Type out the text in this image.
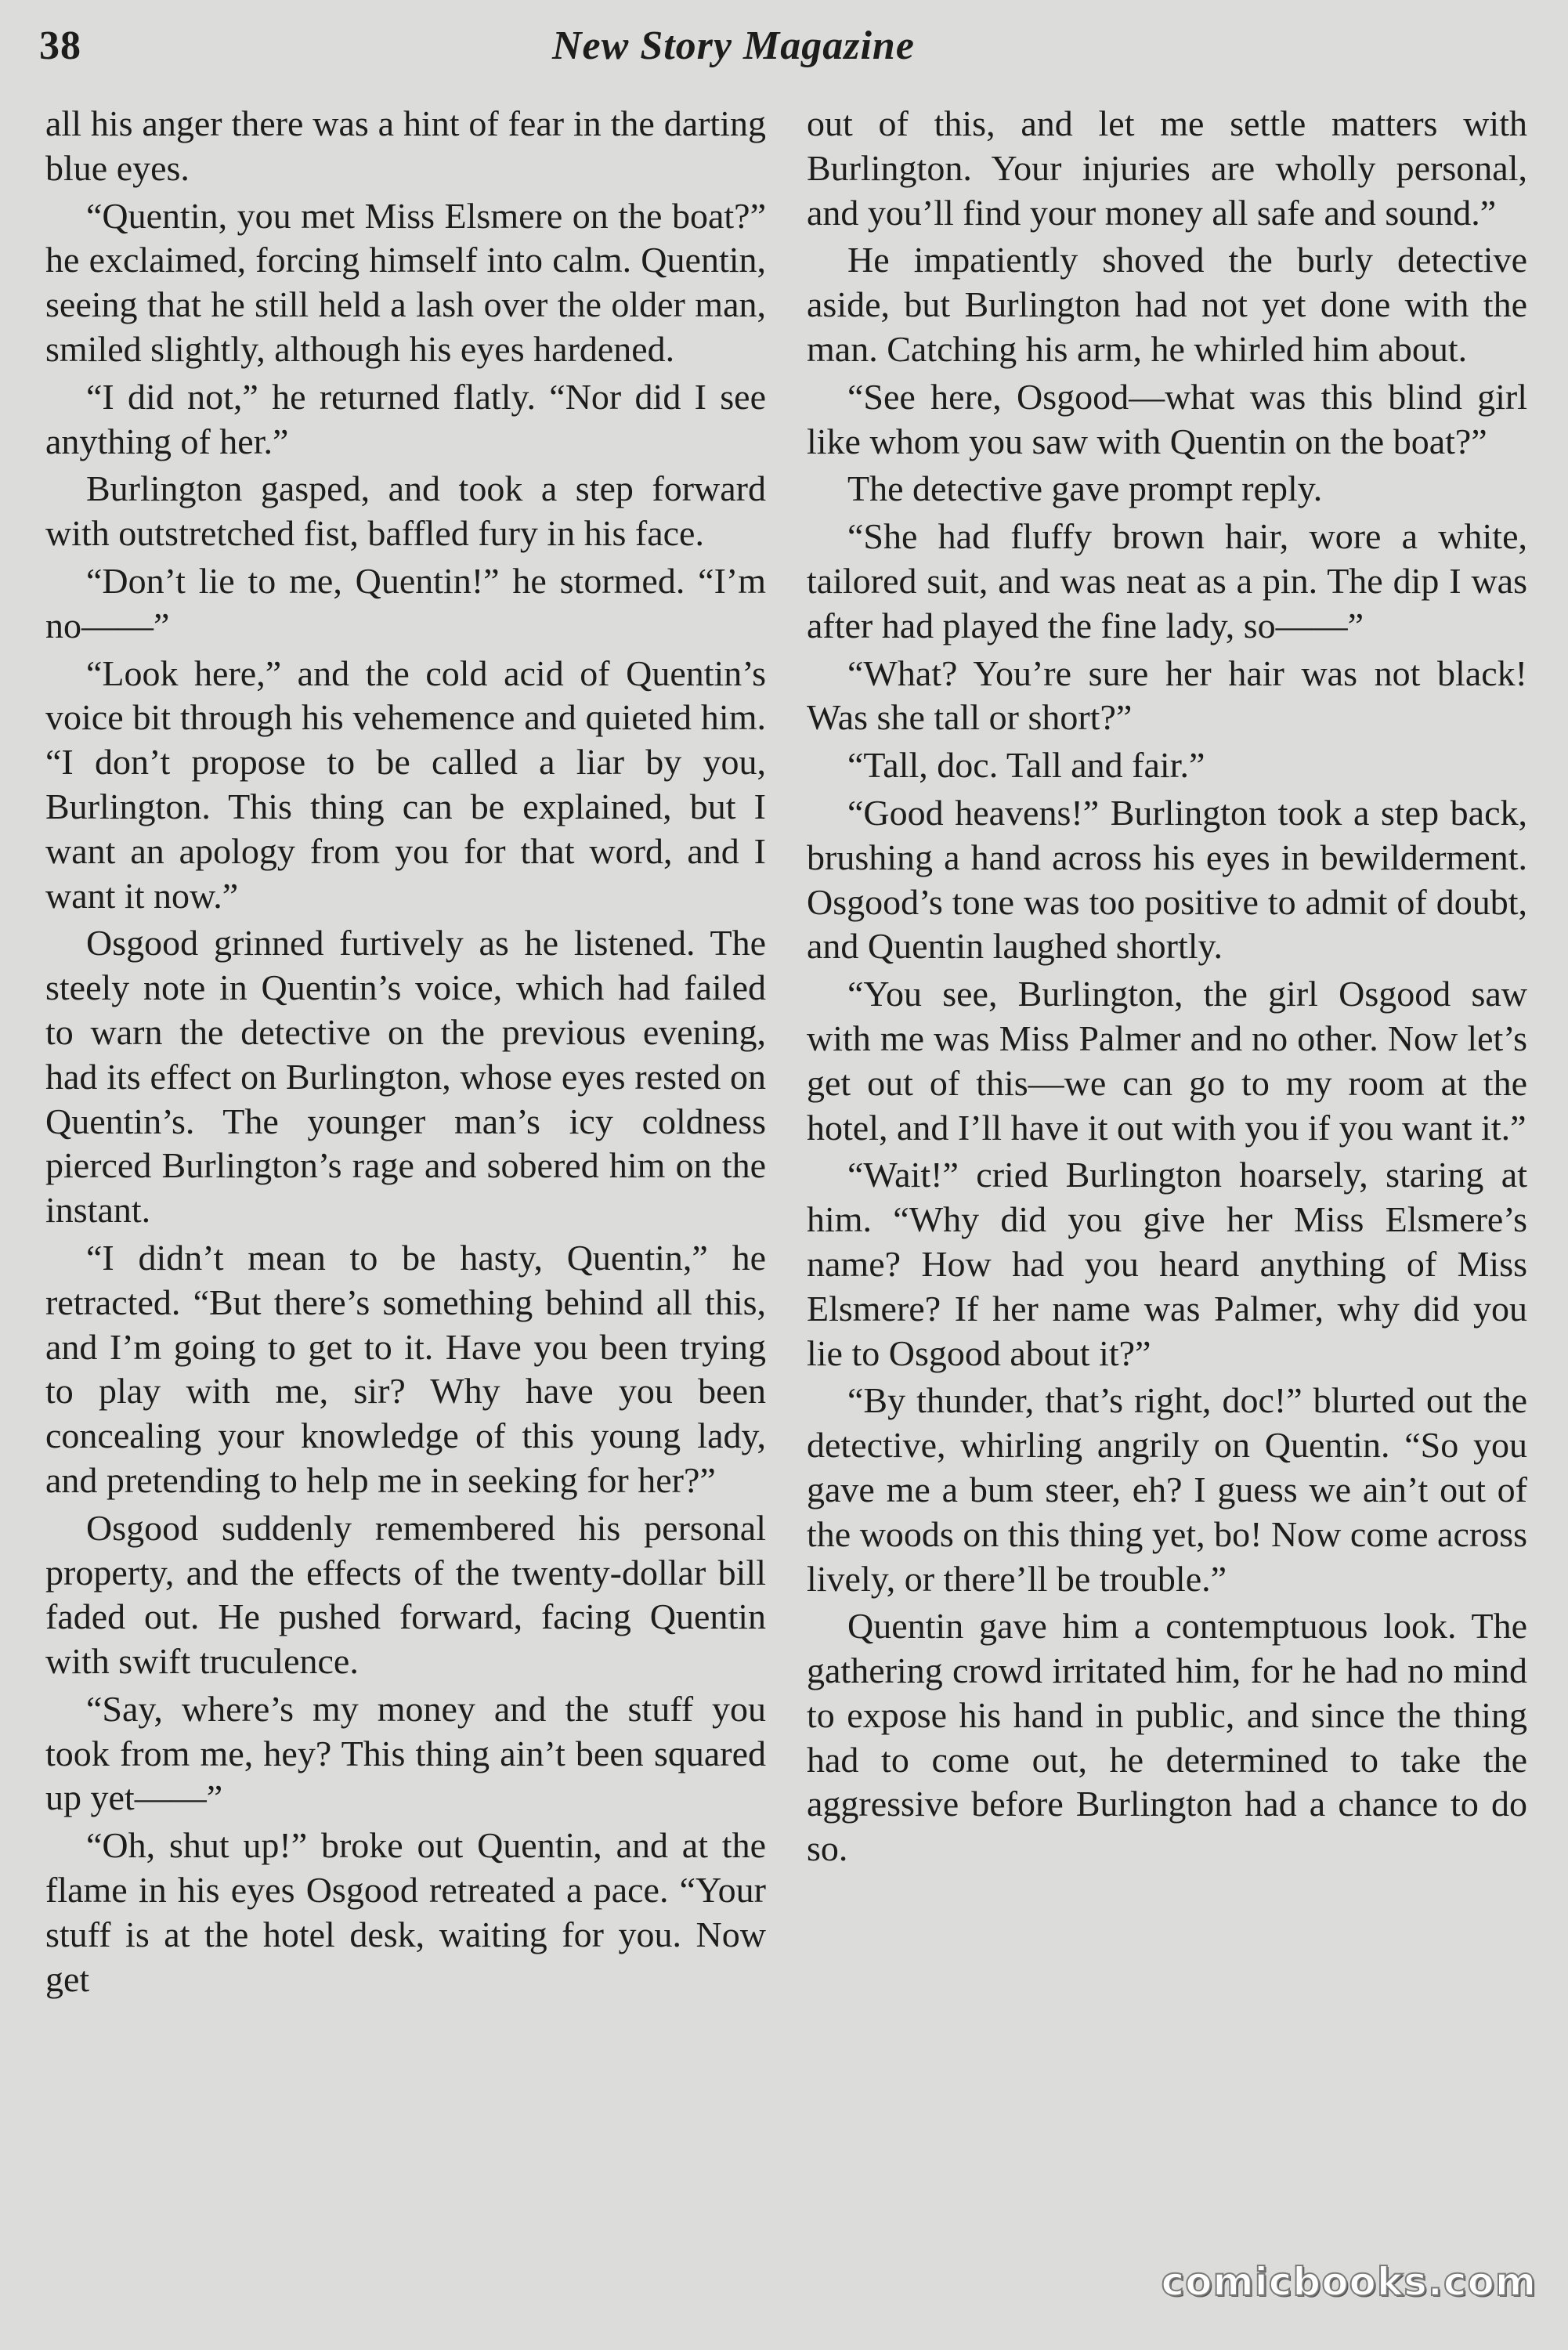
38	New Story Magazine

all his anger there was a hint of fear in the darting blue eyes.

“Quentin, you met Miss Elsmere on the boat?” he exclaimed, forcing himself into calm. Quentin, seeing that he still held a lash over the older man, smiled slightly, although his eyes hardened.

“I did not,” he returned flatly. “Nor did I see anything of her.”

Burlington gasped, and took a step forward with outstretched fist, baffled fury in his face.

“Don’t lie to me, Quentin!” he stormed. “I’m no——”

“Look here,” and the cold acid of Quentin’s voice bit through his vehemence and quieted him. “I don’t propose to be called a liar by you, Burlington. This thing can be explained, but I want an apology from you for that word, and I want it now.”

Osgood grinned furtively as he listened. The steely note in Quentin’s voice, which had failed to warn the detective on the previous evening, had its effect on Burlington, whose eyes rested on Quentin’s. The younger man’s icy coldness pierced Burlington’s rage and sobered him on the instant.

“I didn’t mean to be hasty, Quentin,” he retracted. “But there’s something behind all this, and I’m going to get to it. Have you been trying to play with me, sir? Why have you been concealing your knowledge of this young lady, and pretending to help me in seeking for her?”

Osgood suddenly remembered his personal property, and the effects of the twenty-dollar bill faded out. He pushed forward, facing Quentin with swift truculence.

“Say, where’s my money and the stuff you took from me, hey? This thing ain’t been squared up yet——”

“Oh, shut up!” broke out Quentin, and at the flame in his eyes Osgood retreated a pace. “Your stuff is at the hotel desk, waiting for you. Now get

out of this, and let me settle matters with Burlington. Your injuries are wholly personal, and you’ll find your money all safe and sound.”

He impatiently shoved the burly detective aside, but Burlington had not yet done with the man. Catching his arm, he whirled him about.

“See here, Osgood—what was this blind girl like whom you saw with Quentin on the boat?”

The detective gave prompt reply.

“She had fluffy brown hair, wore a white, tailored suit, and was neat as a pin. The dip I was after had played the fine lady, so——”

“What? You’re sure her hair was not black! Was she tall or short?”

“Tall, doc. Tall and fair.”

“Good heavens!” Burlington took a step back, brushing a hand across his eyes in bewilderment. Osgood’s tone was too positive to admit of doubt, and Quentin laughed shortly.

“You see, Burlington, the girl Osgood saw with me was Miss Palmer and no other. Now let’s get out of this—we can go to my room at the hotel, and I’ll have it out with you if you want it.”

“Wait!” cried Burlington hoarsely, staring at him. “Why did you give her Miss Elsmere’s name? How had you heard anything of Miss Elsmere? If her name was Palmer, why did you lie to Osgood about it?”

“By thunder, that’s right, doc!” blurted out the detective, whirling angrily on Quentin. “So you gave me a bum steer, eh? I guess we ain’t out of the woods on this thing yet, bo! Now come across lively, or there’ll be trouble.”

Quentin gave him a contemptuous look. The gathering crowd irritated him, for he had no mind to expose his hand in public, and since the thing had to come out, he determined to take the aggressive before Burlington had a chance to do so.

comicbooks.com
